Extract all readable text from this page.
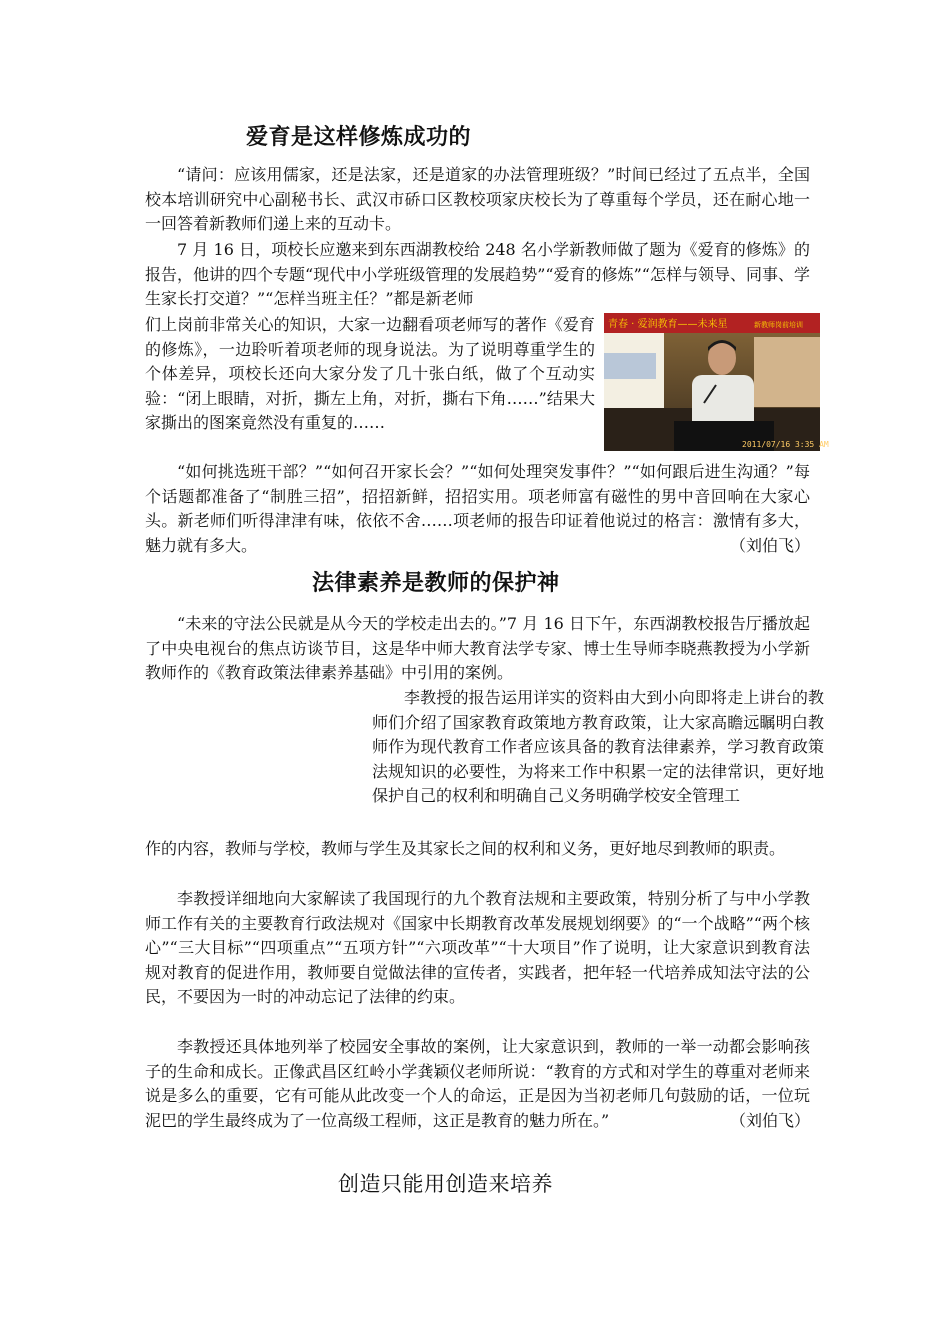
爱育是这样修炼成功的

“请问：应该用儒家，还是法家，还是道家的办法管理班级？”时间已经过了五点半，全国校本培训研究中心副秘书长、武汉市硚口区教校项家庆校长为了尊重每个学员，还在耐心地一一回答着新教师们递上来的互动卡。

7 月 16 日，项校长应邀来到东西湖教校给 248 名小学新教师做了题为《爱育的修炼》的报告，他讲的四个专题“现代中小学班级管理的发展趋势”“爱育的修炼”“怎样与领导、同事、学生家长打交道？”“怎样当班主任？”都是新老师

们上岗前非常关心的知识，大家一边翻看项老师写的著作《爱育的修炼》，一边聆听着项老师的现身说法。为了说明尊重学生的个体差异，项校长还向大家分发了几十张白纸，做了个互动实验：“闭上眼睛，对折，撕左上角，对折，撕右下角……”结果大家撕出的图案竟然没有重复的……

青春 · 爱润教育——未来星	新教师岗前培训
2011/07/16 3:35 AM

“如何挑选班干部？”“如何召开家长会？”“如何处理突发事件？”“如何跟后进生沟通？”每个话题都准备了“制胜三招”，招招新鲜，招招实用。项老师富有磁性的男中音回响在大家心头。新老师们听得津津有味，依依不舍……项老师的报告印证着他说过的格言：激情有多大，魅力就有多大。	（刘伯飞）

法律素养是教师的保护神

“未来的守法公民就是从今天的学校走出去的。”7 月 16 日下午，东西湖教校报告厅播放起了中央电视台的焦点访谈节目，这是华中师大教育法学专家、博士生导师李晓燕教授为小学新教师作的《教育政策法律素养基础》中引用的案例。

李教授的报告运用详实的资料由大到小向即将走上讲台的教师们介绍了国家教育政策地方教育政策，让大家高瞻远瞩明白教师作为现代教育工作者应该具备的教育法律素养，学习教育政策法规知识的必要性，为将来工作中积累一定的法律常识，更好地保护自己的权利和明确自己义务明确学校安全管理工

作的内容，教师与学校，教师与学生及其家长之间的权利和义务，更好地尽到教师的职责。

李教授详细地向大家解读了我国现行的九个教育法规和主要政策，特别分析了与中小学教师工作有关的主要教育行政法规对《国家中长期教育改革发展规划纲要》的“一个战略”“两个核心”“三大目标”“四项重点”“五项方针”“六项改革”“十大项目”作了说明，让大家意识到教育法规对教育的促进作用，教师要自觉做法律的宣传者，实践者，把年轻一代培养成知法守法的公民，不要因为一时的冲动忘记了法律的约束。

李教授还具体地列举了校园安全事故的案例，让大家意识到，教师的一举一动都会影响孩子的生命和成长。正像武昌区红岭小学龚颖仪老师所说：“教育的方式和对学生的尊重对老师来说是多么的重要，它有可能从此改变一个人的命运，正是因为当初老师几句鼓励的话，一位玩泥巴的学生最终成为了一位高级工程师，这正是教育的魅力所在。”	（刘伯飞）

创造只能用创造来培养
